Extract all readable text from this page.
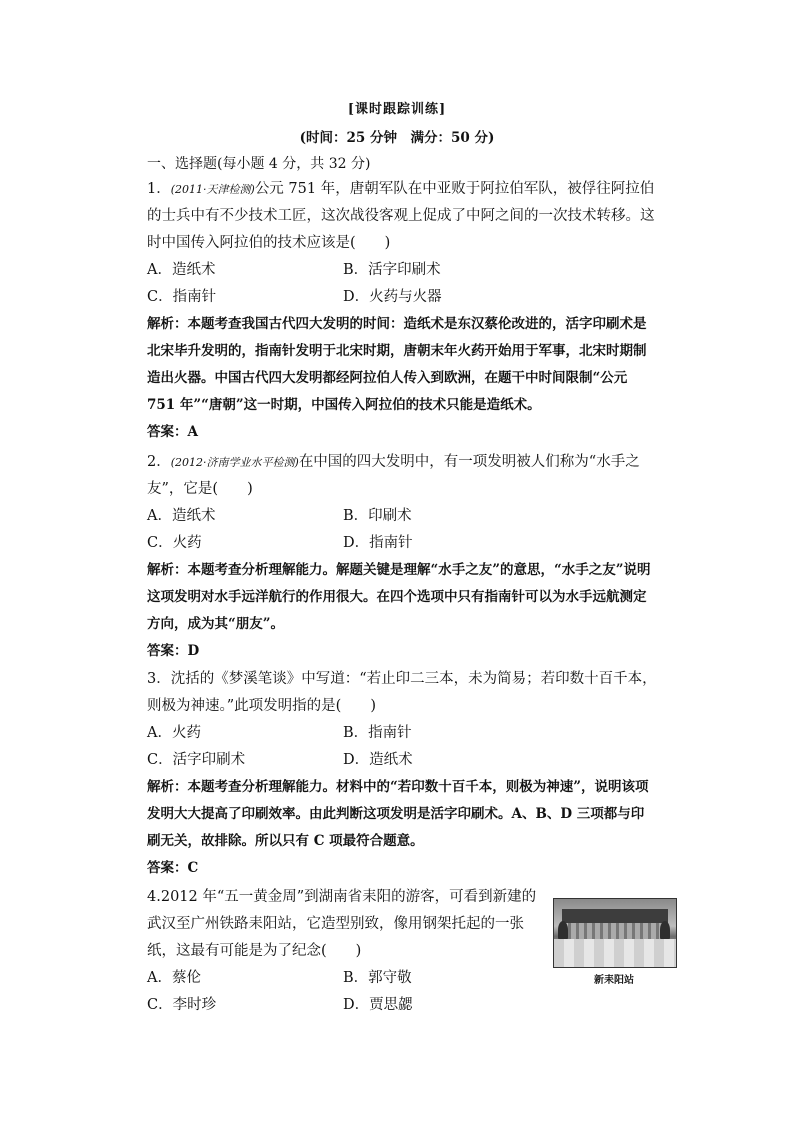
[课时跟踪训练]
(时间：25 分钟　满分：50 分)
一、选择题(每小题 4 分，共 32 分)
1．(2011·天津检测)公元 751 年，唐朝军队在中亚败于阿拉伯军队，被俘往阿拉伯的士兵中有不少技术工匠，这次战役客观上促成了中阿之间的一次技术转移。这时中国传入阿拉伯的技术应该是(　　)
A．造纸术	B．活字印刷术
C．指南针	D．火药与火器
解析：本题考查我国古代四大发明的时间：造纸术是东汉蔡伦改进的，活字印刷术是北宋毕升发明的，指南针发明于北宋时期，唐朝末年火药开始用于军事，北宋时期制造出火器。中国古代四大发明都经阿拉伯人传入到欧洲，在题干中时间限制“公元 751 年”“唐朝”这一时期，中国传入阿拉伯的技术只能是造纸术。
答案：A
2．(2012·济南学业水平检测)在中国的四大发明中，有一项发明被人们称为“水手之友”，它是(　　)
A．造纸术	B．印刷术
C．火药	D．指南针
解析：本题考查分析理解能力。解题关键是理解“水手之友”的意思，“水手之友”说明这项发明对水手远洋航行的作用很大。在四个选项中只有指南针可以为水手远航测定方向，成为其“朋友”。
答案：D
3．沈括的《梦溪笔谈》中写道：“若止印二三本，未为简易；若印数十百千本，则极为神速。”此项发明指的是(　　)
A．火药	B．指南针
C．活字印刷术	D．造纸术
解析：本题考查分析理解能力。材料中的“若印数十百千本，则极为神速”，说明该项发明大大提高了印刷效率。由此判断这项发明是活字印刷术。A、B、D 三项都与印刷无关，故排除。所以只有 C 项最符合题意。
答案：C
4.2012 年“五一黄金周”到湖南省耒阳的游客，可看到新建的武汉至广州铁路耒阳站，它造型别致，像用钢架托起的一张纸，这最有可能是为了纪念(　　)
A．蔡伦	B．郭守敬
C．李时珍	D．贾思勰
新耒阳站
